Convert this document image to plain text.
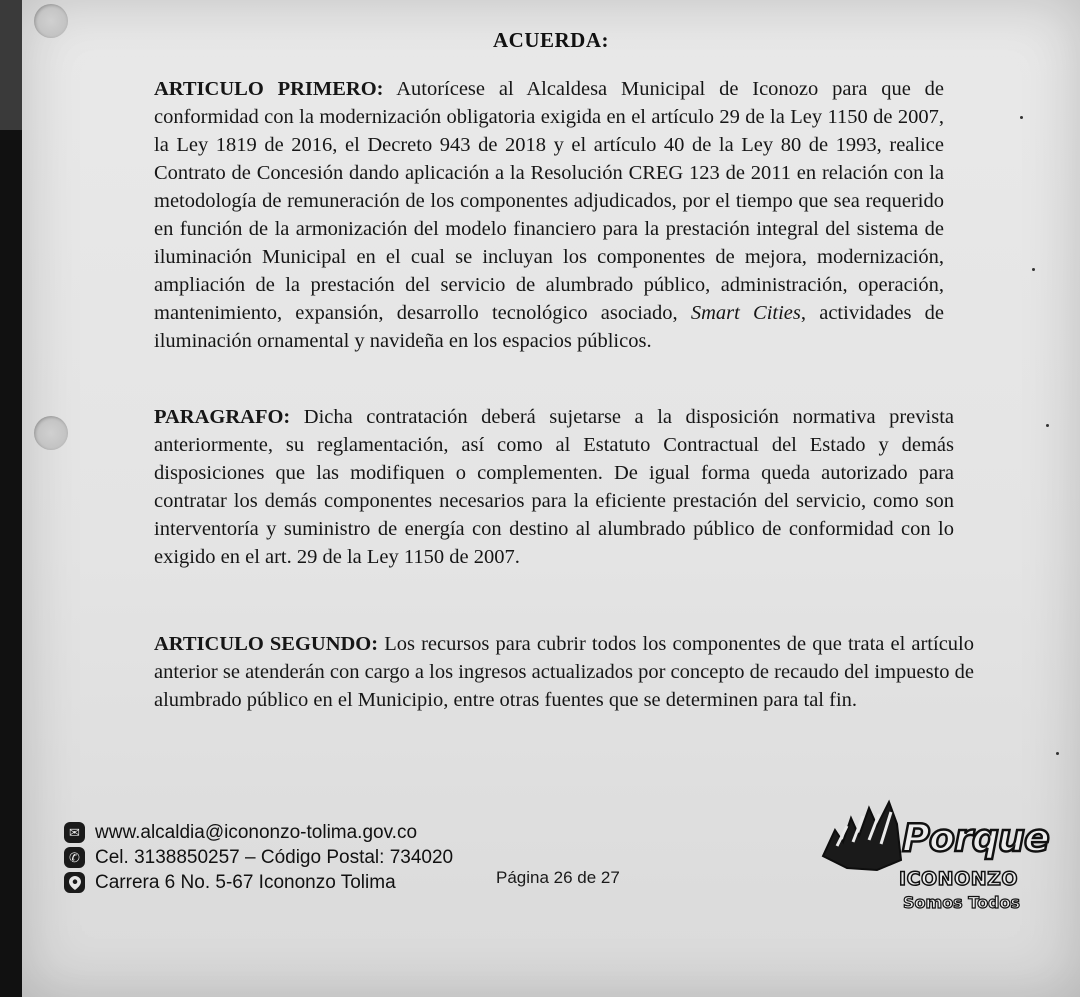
ACUERDA:

ARTICULO PRIMERO: Autorícese al Alcaldesa Municipal de Iconozo para que de conformidad con la modernización obligatoria exigida en el artículo 29 de la Ley 1150 de 2007, la Ley 1819 de 2016, el Decreto 943 de 2018 y el artículo 40 de la Ley 80 de 1993, realice Contrato de Concesión dando aplicación a la Resolución CREG 123 de 2011 en relación con la metodología de remuneración de los componentes adjudicados, por el tiempo que sea requerido en función de la armonización del modelo financiero para la prestación integral del sistema de iluminación Municipal en el cual se incluyan los componentes de mejora, modernización, ampliación de la prestación del servicio de alumbrado público, administración, operación, mantenimiento, expansión, desarrollo tecnológico asociado, Smart Cities, actividades de iluminación ornamental y navideña en los espacios públicos.

PARAGRAFO: Dicha contratación deberá sujetarse a la disposición normativa prevista anteriormente, su reglamentación, así como al Estatuto Contractual del Estado y demás disposiciones que las modifiquen o complementen. De igual forma queda autorizado para contratar los demás componentes necesarios para la eficiente prestación del servicio, como son interventoría y suministro de energía con destino al alumbrado público de conformidad con lo exigido en el art. 29 de la Ley 1150 de 2007.

ARTICULO SEGUNDO: Los recursos para cubrir todos los componentes de que trata el artículo anterior se atenderán con cargo a los ingresos actualizados por concepto de recaudo del impuesto de alumbrado público en el Municipio, entre otras fuentes que se determinen para tal fin.

✉ www.alcaldia@icononzo-tolima.gov.co
✆ Cel. 3138850257 – Código Postal: 734020
Carrera 6 No. 5-67 Icononzo Tolima	Página 26 de 27
Porque
ICONONZO
Somos Todos
